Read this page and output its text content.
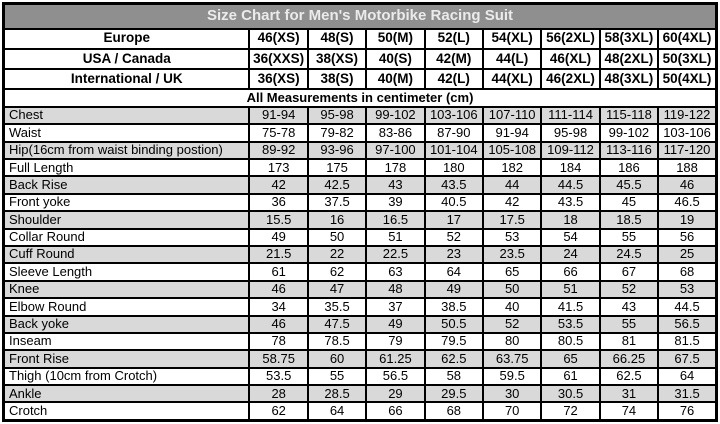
Size Chart for Men's Motorbike Racing Suit								
Europe	46(XS)	48(S)	50(M)	52(L)	54(XL)	56(2XL)	58(3XL)	60(4XL)
USA / Canada	36(XXS)	38(XS)	40(S)	42(M)	44(L)	46(XL)	48(2XL)	50(3XL)
International / UK	36(XS)	38(S)	40(M)	42(L)	44(XL)	46(2XL)	48(3XL)	50(4XL)
All Measurements in centimeter (cm)								
Chest	91-94	95-98	99-102	103-106	107-110	111-114	115-118	119-122
Waist	75-78	79-82	83-86	87-90	91-94	95-98	99-102	103-106
Hip(16cm from waist binding postion)	89-92	93-96	97-100	101-104	105-108	109-112	113-116	117-120
Full Length	173	175	178	180	182	184	186	188
Back Rise	42	42.5	43	43.5	44	44.5	45.5	46
Front yoke	36	37.5	39	40.5	42	43.5	45	46.5
Shoulder	15.5	16	16.5	17	17.5	18	18.5	19
Collar Round	49	50	51	52	53	54	55	56
Cuff Round	21.5	22	22.5	23	23.5	24	24.5	25
Sleeve Length	61	62	63	64	65	66	67	68
Knee	46	47	48	49	50	51	52	53
Elbow Round	34	35.5	37	38.5	40	41.5	43	44.5
Back yoke	46	47.5	49	50.5	52	53.5	55	56.5
Inseam	78	78.5	79	79.5	80	80.5	81	81.5
Front Rise	58.75	60	61.25	62.5	63.75	65	66.25	67.5
Thigh (10cm from Crotch)	53.5	55	56.5	58	59.5	61	62.5	64
Ankle	28	28.5	29	29.5	30	30.5	31	31.5
Crotch	62	64	66	68	70	72	74	76
